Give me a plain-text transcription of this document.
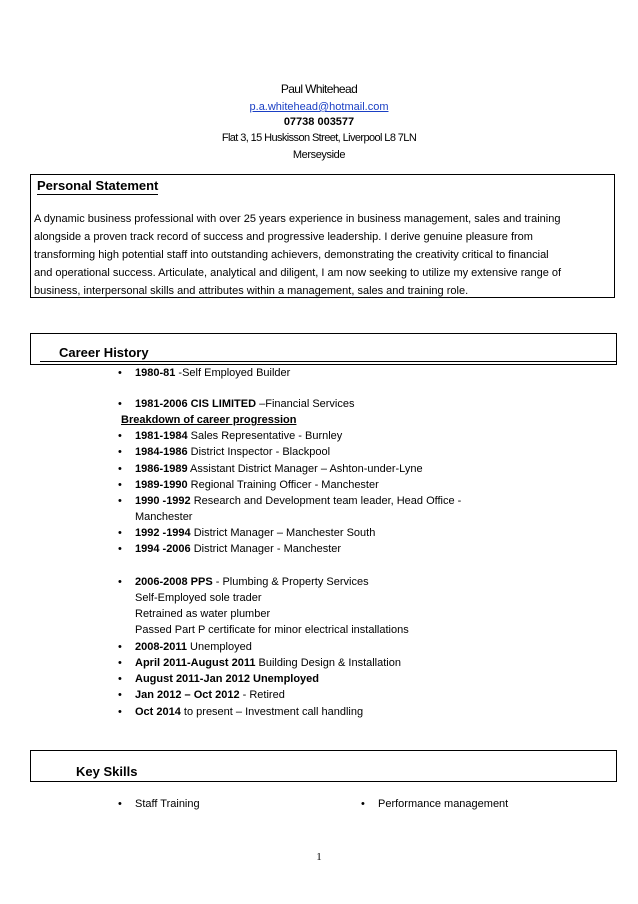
Paul Whitehead
p.a.whitehead@hotmail.com
07738 003577
Flat 3, 15 Huskisson Street, Liverpool L8 7LN
Merseyside
Personal Statement
A dynamic business professional with over 25 years experience in business management, sales and training
alongside a proven track record of success and progressive leadership. I derive genuine pleasure from
transforming high potential staff into outstanding achievers, demonstrating the creativity critical to financial
and operational success. Articulate, analytical and diligent, I am now seeking to utilize my extensive range of
business, interpersonal skills and attributes within a management, sales and training role.
Career History
•
1980-81 -Self Employed Builder
•
1981-2006 CIS LIMITED –Financial Services
Breakdown of career progression
•
1981-1984 Sales Representative - Burnley
•
1984-1986 District Inspector - Blackpool
•
1986-1989 Assistant District Manager – Ashton-under-Lyne
•
1989-1990 Regional Training Officer - Manchester
•
1990 -1992 Research and Development team leader, Head Office -
Manchester
•
1992 -1994 District Manager – Manchester South
•
1994 -2006 District Manager - Manchester
•
2006-2008 PPS - Plumbing & Property Services
Self-Employed sole trader
Retrained as water plumber
Passed Part P certificate for minor electrical installations
•
2008-2011 Unemployed
•
April 2011-August 2011 Building Design & Installation
•
August 2011-Jan 2012 Unemployed
•
Jan 2012 – Oct 2012 - Retired
•
Oct 2014 to present – Investment call handling
Key Skills
•
Staff Training
•	Performance management
1
